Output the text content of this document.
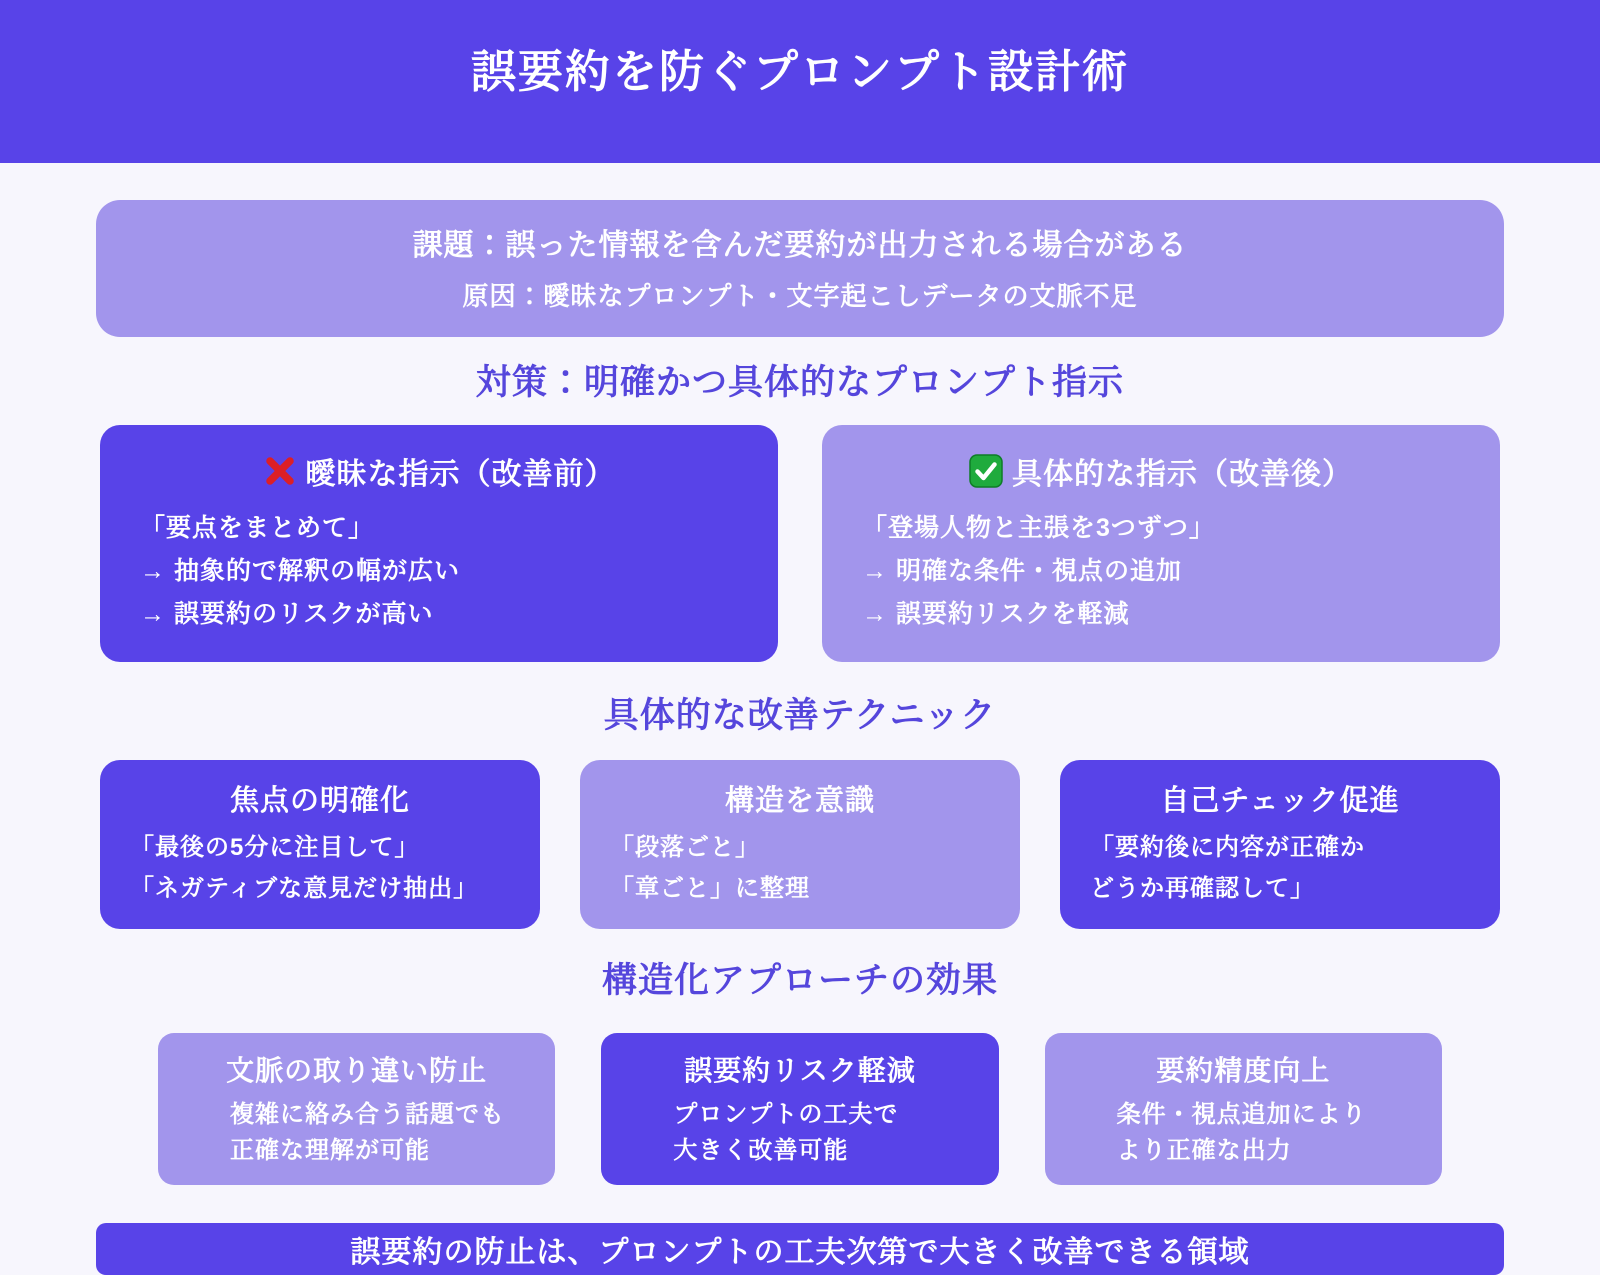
誤要約を防ぐプロンプト設計術
課題：誤った情報を含んだ要約が出力される場合がある
原因：曖昧なプロンプト・文字起こしデータの文脈不足
対策：明確かつ具体的なプロンプト指示
曖昧な指示（改善前）
「要点をまとめて」
→ 抽象的で解釈の幅が広い
→ 誤要約のリスクが高い
具体的な指示（改善後）
「登場人物と主張を3つずつ」
→ 明確な条件・視点の追加
→ 誤要約リスクを軽減
具体的な改善テクニック
焦点の明確化
「最後の5分に注目して」
「ネガティブな意見だけ抽出」
構造を意識
「段落ごと」
「章ごと」に整理
自己チェック促進
「要約後に内容が正確か
どうか再確認して」
構造化アプローチの効果
文脈の取り違い防止
複雑に絡み合う話題でも
正確な理解が可能
誤要約リスク軽減
プロンプトの工夫で
大きく改善可能
要約精度向上
条件・視点追加により
より正確な出力
誤要約の防止は、プロンプトの工夫次第で大きく改善できる領域
